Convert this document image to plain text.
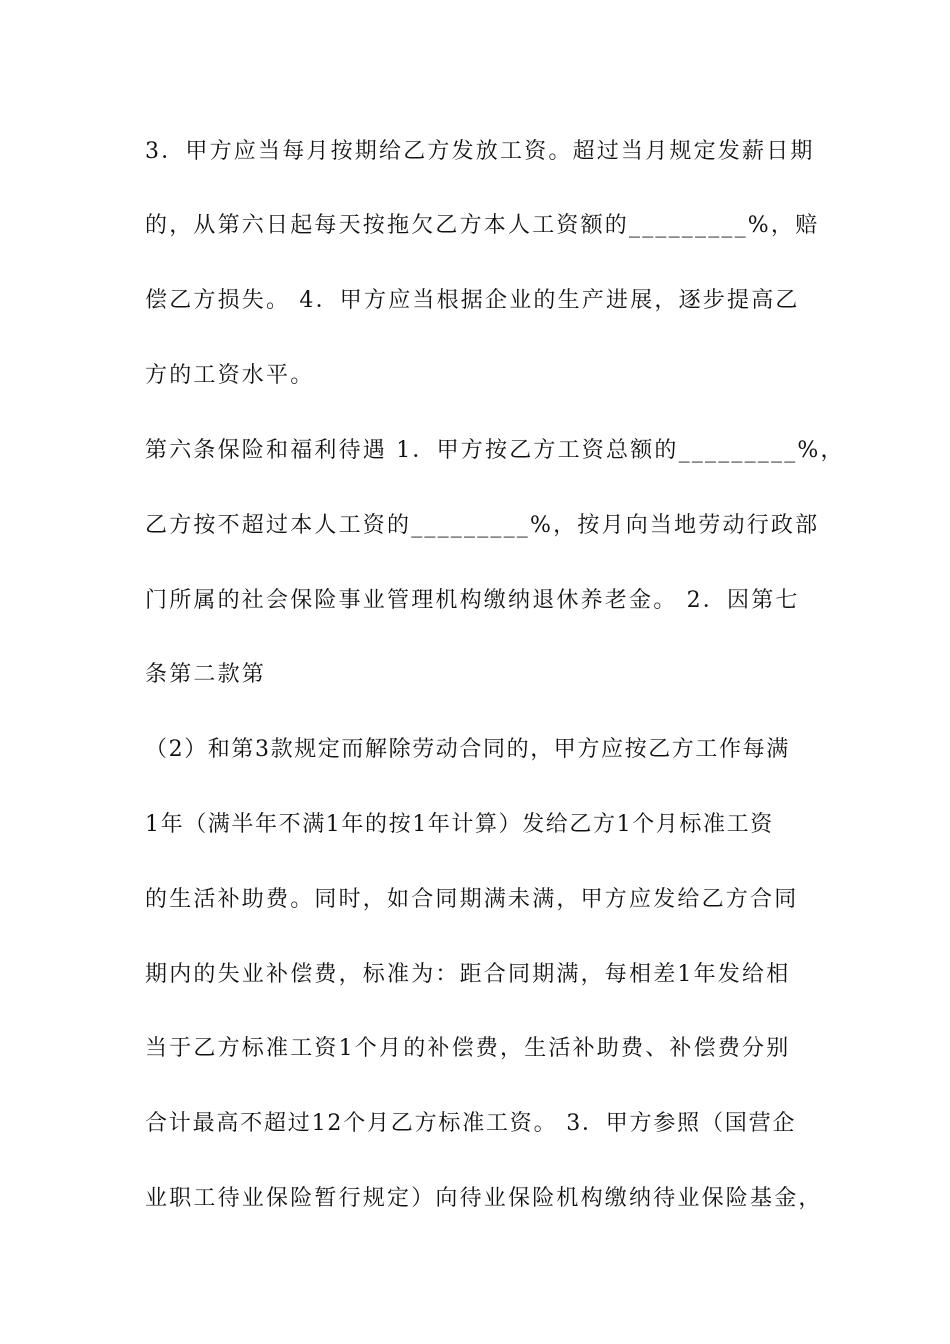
3．甲方应当每月按期给乙方发放工资。超过当月规定发薪日期
的，从第六日起每天按拖欠乙方本人工资额的_________%，赔
偿乙方损失。 4．甲方应当根据企业的生产进展，逐步提高乙
方的工资水平。
第六条保险和福利待遇 1．甲方按乙方工资总额的_________%，
乙方按不超过本人工资的_________%，按月向当地劳动行政部
门所属的社会保险事业管理机构缴纳退休养老金。 2．因第七
条第二款第
（2）和第3款规定而解除劳动合同的，甲方应按乙方工作每满
1年（满半年不满1年的按1年计算）发给乙方1个月标准工资
的生活补助费。同时，如合同期满未满，甲方应发给乙方合同
期内的失业补偿费，标准为：距合同期满，每相差1年发给相
当于乙方标准工资1个月的补偿费，生活补助费、补偿费分别
合计最高不超过12个月乙方标准工资。 3．甲方参照（国营企
业职工待业保险暂行规定）向待业保险机构缴纳待业保险基金，
